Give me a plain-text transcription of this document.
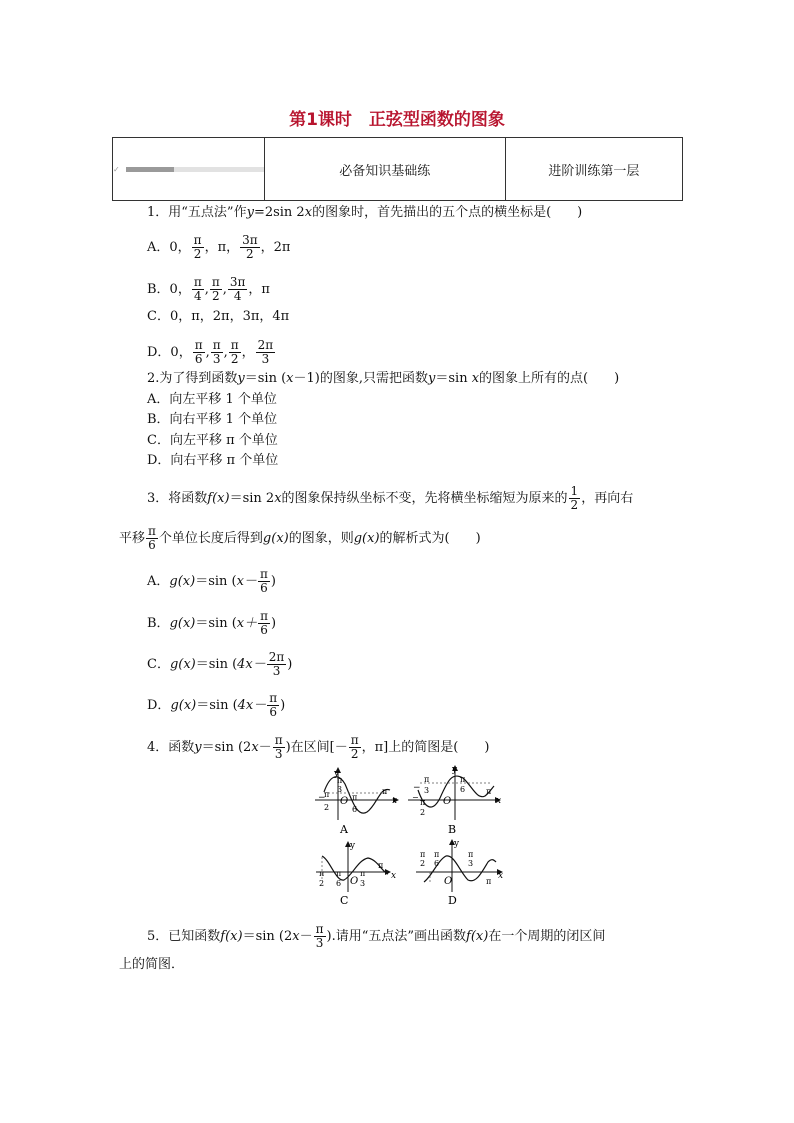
第1课时　正弦型函数的图象
✓	必备知识基础练	进阶训练第一层
1．用“五点法”作y=2sin 2x的图象时，首先描出的五个点的横坐标是(　　)
A．0， $\frac{\pi}{2}$ ，π， $\frac{3\pi}{2}$ ，2π
B．0， $\frac{\pi}{4}$ , $\frac{\pi}{2}$ , $\frac{3\pi}{4}$ ，π
C．0，π，2π，3π，4π
D．0， $\frac{\pi}{6}$ , $\frac{\pi}{3}$ , $\frac{\pi}{2}$ ， $\frac{2\pi}{3}$
2.为了得到函数y＝sin (x－1)的图象,只需把函数y＝sin x的图象上所有的点(　　)
A．向左平移 1 个单位
B．向右平移 1 个单位
C．向左平移 π 个单位
D．向右平移 π 个单位
3．将函数f(x)＝sin 2x的图象保持纵坐标不变，先将横坐标缩短为原来的 $\frac{1}{2}$ ，再向右
平移 $\frac{\pi}{6}$ 个单位长度后得到g(x)的图象，则g(x)的解析式为(　　)
A．g(x)＝sin ($x- \frac{\pi}{6}$ )
B．g(x)＝sin ($x+ \frac{\pi}{6}$ )
C．g(x)＝sin ($4x- \frac{2\pi}{3}$ )
D．g(x)＝sin ($4x- \frac{\pi}{6}$ )
4．函数y＝sin ($2x- \frac{\pi}{3}$ )在区间[－ $\frac{\pi}{2}$ ，π]上的简图是(　　)
y
x
O
−
π
2
π
3
π
6
π
A
y
x
O
−
π
3
−
π
2
π
6	π
B
y
x
O
π
2
π
6
π
3
π
C
y
x
O
π
2
π
6
π
3
π
D
5．已知函数f(x)＝sin ($2x- \frac{\pi}{3}$ ).请用“五点法”画出函数f(x)在一个周期的闭区间
上的简图．
